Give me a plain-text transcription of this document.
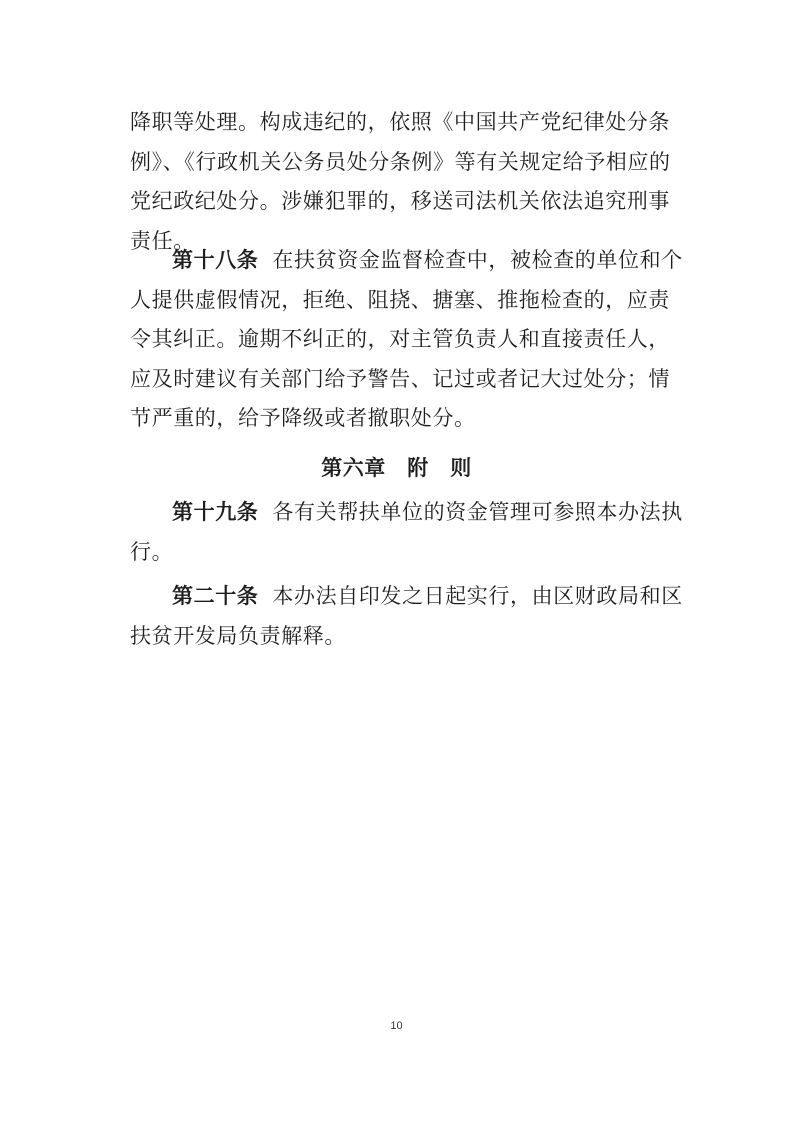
降职等处理。构成违纪的，依照《中国共产党纪律处分条例》、《行政机关公务员处分条例》等有关规定给予相应的党纪政纪处分。涉嫌犯罪的，移送司法机关依法追究刑事责任。

第十八条 在扶贫资金监督检查中，被检查的单位和个人提供虚假情况，拒绝、阻挠、搪塞、推拖检查的，应责令其纠正。逾期不纠正的，对主管负责人和直接责任人，应及时建议有关部门给予警告、记过或者记大过处分；情节严重的，给予降级或者撤职处分。

第六章　附　则

第十九条 各有关帮扶单位的资金管理可参照本办法执行。

第二十条 本办法自印发之日起实行，由区财政局和区扶贫开发局负责解释。

10
